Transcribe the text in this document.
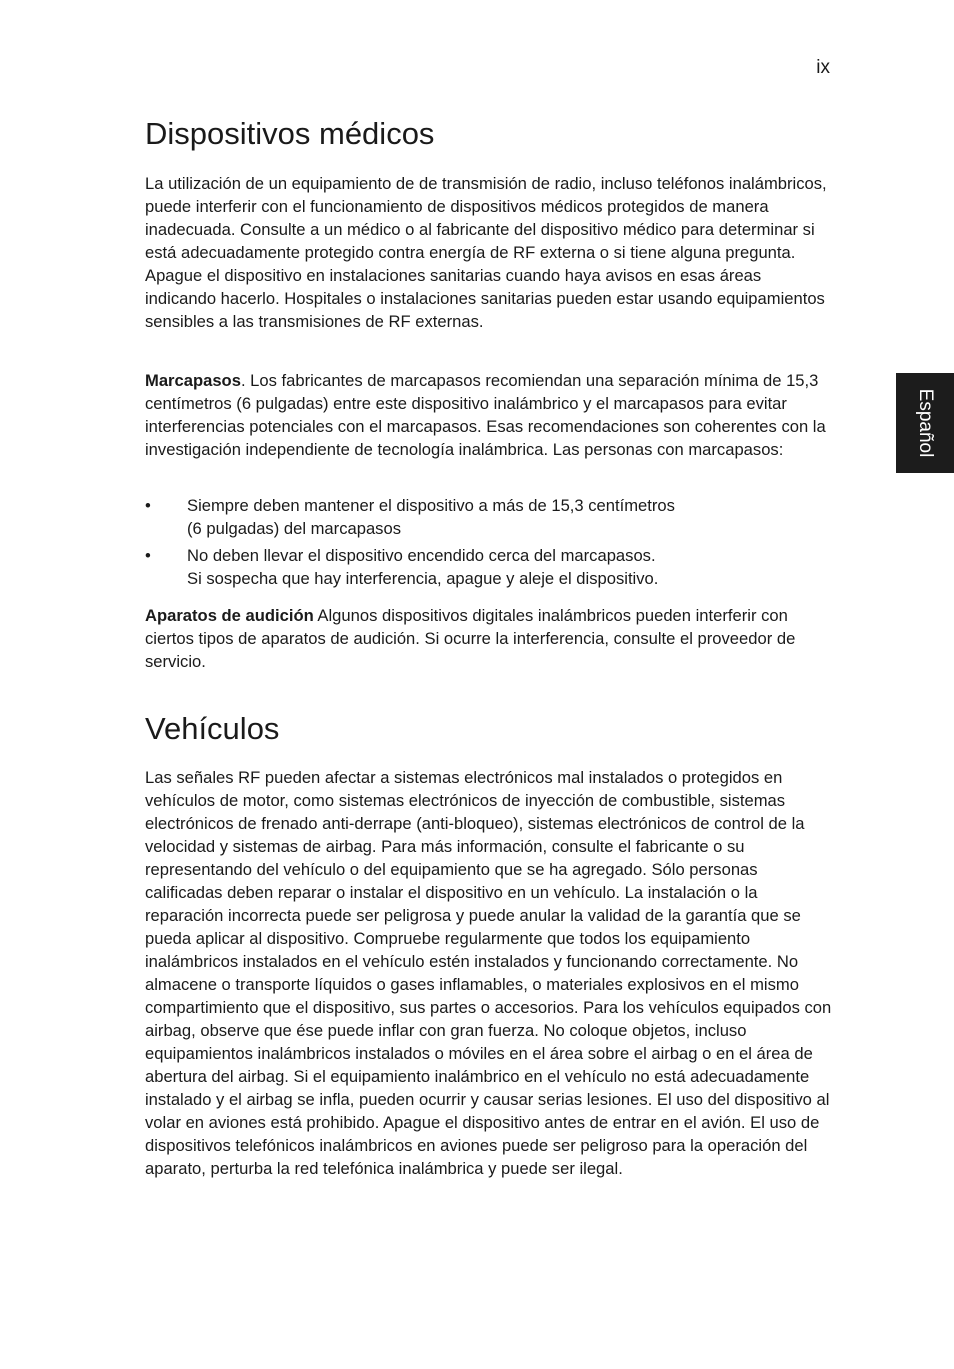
ix
Español
Dispositivos médicos

La utilización de un equipamiento de de transmisión de radio, incluso teléfonos inalámbricos, puede interferir con el funcionamiento de dispositivos médicos protegidos de manera inadecuada. Consulte a un médico o al fabricante del dispositivo médico para determinar si está adecuadamente protegido contra energía de RF externa o si tiene alguna pregunta. Apague el dispositivo en instalaciones sanitarias cuando haya avisos en esas áreas indicando hacerlo. Hospitales o instalaciones sanitarias pueden estar usando equipamientos sensibles a las transmisiones de RF externas.

Marcapasos. Los fabricantes de marcapasos recomiendan una separación mínima de 15,3 centímetros (6 pulgadas) entre este dispositivo inalámbrico y el marcapasos para evitar interferencias potenciales con el marcapasos. Esas recomendaciones son coherentes con la investigación independiente de tecnología inalámbrica. Las personas con marcapasos:

• Siempre deben mantener el dispositivo a más de 15,3 centímetros
(6 pulgadas) del marcapasos
• No deben llevar el dispositivo encendido cerca del marcapasos.
Si sospecha que hay interferencia, apague y aleje el dispositivo.

Aparatos de audición Algunos dispositivos digitales inalámbricos pueden interferir con ciertos tipos de aparatos de audición. Si ocurre la interferencia, consulte el proveedor de servicio.

Vehículos

Las señales RF pueden afectar a sistemas electrónicos mal instalados o protegidos en vehículos de motor, como sistemas electrónicos de inyección de combustible, sistemas electrónicos de frenado anti-derrape (anti-bloqueo), sistemas electrónicos de control de la velocidad y sistemas de airbag. Para más información, consulte el fabricante o su representando del vehículo o del equipamiento que se ha agregado. Sólo personas calificadas deben reparar o instalar el dispositivo en un vehículo. La instalación o la reparación incorrecta puede ser peligrosa y puede anular la validad de la garantía que se pueda aplicar al dispositivo. Compruebe regularmente que todos los equipamiento inalámbricos instalados en el vehículo estén instalados y funcionando correctamente. No almacene o transporte líquidos o gases inflamables, o materiales explosivos en el mismo compartimiento que el dispositivo, sus partes o accesorios. Para los vehículos equipados con airbag, observe que ése puede inflar con gran fuerza. No coloque objetos, incluso equipamientos inalámbricos instalados o móviles en el área sobre el airbag o en el área de abertura del airbag. Si el equipamiento inalámbrico en el vehículo no está adecuadamente instalado y el airbag se infla, pueden ocurrir y causar serias lesiones. El uso del dispositivo al volar en aviones está prohibido. Apague el dispositivo antes de entrar en el avión. El uso de dispositivos telefónicos inalámbricos en aviones puede ser peligroso para la operación del aparato, perturba la red telefónica inalámbrica y puede ser ilegal.
